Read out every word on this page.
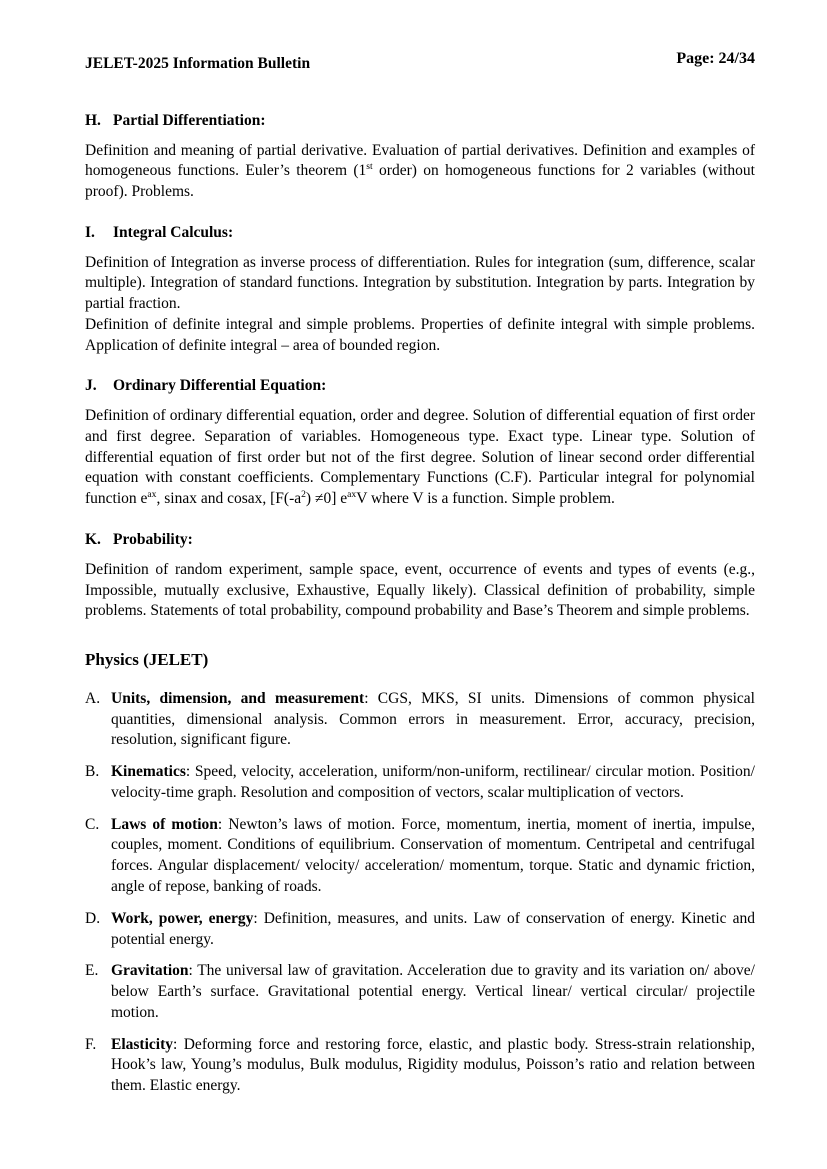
JELET-2025 Information Bulletin	Page: 24/34
H. Partial Differentiation:

Definition and meaning of partial derivative. Evaluation of partial derivatives. Definition and examples of homogeneous functions. Euler’s theorem (1st order) on homogeneous functions for 2 variables (without proof). Problems.

I. Integral Calculus:

Definition of Integration as inverse process of differentiation. Rules for integration (sum, difference, scalar multiple). Integration of standard functions. Integration by substitution. Integration by parts. Integration by partial fraction.

Definition of definite integral and simple problems. Properties of definite integral with simple problems. Application of definite integral – area of bounded region.

J. Ordinary Differential Equation:

Definition of ordinary differential equation, order and degree. Solution of differential equation of first order and first degree. Separation of variables. Homogeneous type. Exact type. Linear type. Solution of differential equation of first order but not of the first degree. Solution of linear second order differential equation with constant coefficients. Complementary Functions (C.F). Particular integral for polynomial function $e^{ax}$, sinax and cosax, $[F(-a^2) \ne 0]$ $e^{ax}V$ where V is a function. Simple problem.

K. Probability:

Definition of random experiment, sample space, event, occurrence of events and types of events (e.g., Impossible, mutually exclusive, Exhaustive, Equally likely). Classical definition of probability, simple problems. Statements of total probability, compound probability and Base’s Theorem and simple problems.

Physics (JELET)
A. Units, dimension, and measurement: CGS, MKS, SI units. Dimensions of common physical quantities, dimensional analysis. Common errors in measurement. Error, accuracy, precision, resolution, significant figure.
B. Kinematics: Speed, velocity, acceleration, uniform/non-uniform, rectilinear/ circular motion. Position/ velocity-time graph. Resolution and composition of vectors, scalar multiplication of vectors.
C. Laws of motion: Newton’s laws of motion. Force, momentum, inertia, moment of inertia, impulse, couples, moment. Conditions of equilibrium. Conservation of momentum. Centripetal and centrifugal forces. Angular displacement/ velocity/ acceleration/ momentum, torque. Static and dynamic friction, angle of repose, banking of roads.
D. Work, power, energy: Definition, measures, and units. Law of conservation of energy. Kinetic and potential energy.
E. Gravitation: The universal law of gravitation. Acceleration due to gravity and its variation on/ above/ below Earth’s surface. Gravitational potential energy. Vertical linear/ vertical circular/ projectile motion.
F. Elasticity: Deforming force and restoring force, elastic, and plastic body. Stress-strain relationship, Hook’s law, Young’s modulus, Bulk modulus, Rigidity modulus, Poisson’s ratio and relation between them. Elastic energy.
